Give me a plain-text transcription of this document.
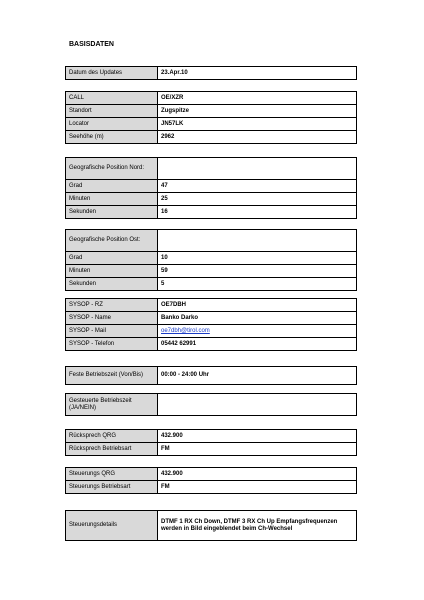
BASISDATEN
Datum des Updates	23.Apr.10
CALL	OE/XZR
Standort	Zugspitze
Locator	JN57LK
Seehöhe (m)	2962
Geografische Position Nord:	
Grad	47
Minuten	25
Sekunden	16
Geografische Position Ost:	
Grad	10
Minuten	59
Sekunden	5
SYSOP - RZ	OE7DBH
SYSOP - Name	Banko Darko
SYSOP - Mail	oe7dbh@tirol.com
SYSOP - Telefon	05442 62991
Feste Betriebszeit (Von/Bis)	00:00 - 24:00 Uhr
Gesteuerte Betriebszeit (JA/NEIN)	
Rücksprech QRG	432.900
Rücksprech Betriebsart	FM
Steuerungs QRG	432.900
Steuerungs Betriebsart	FM
Steuerungsdetails	DTMF 1 RX Ch Down, DTMF 3 RX Ch Up Empfangsfrequenzen werden in Bild eingeblendet beim Ch-Wechsel
